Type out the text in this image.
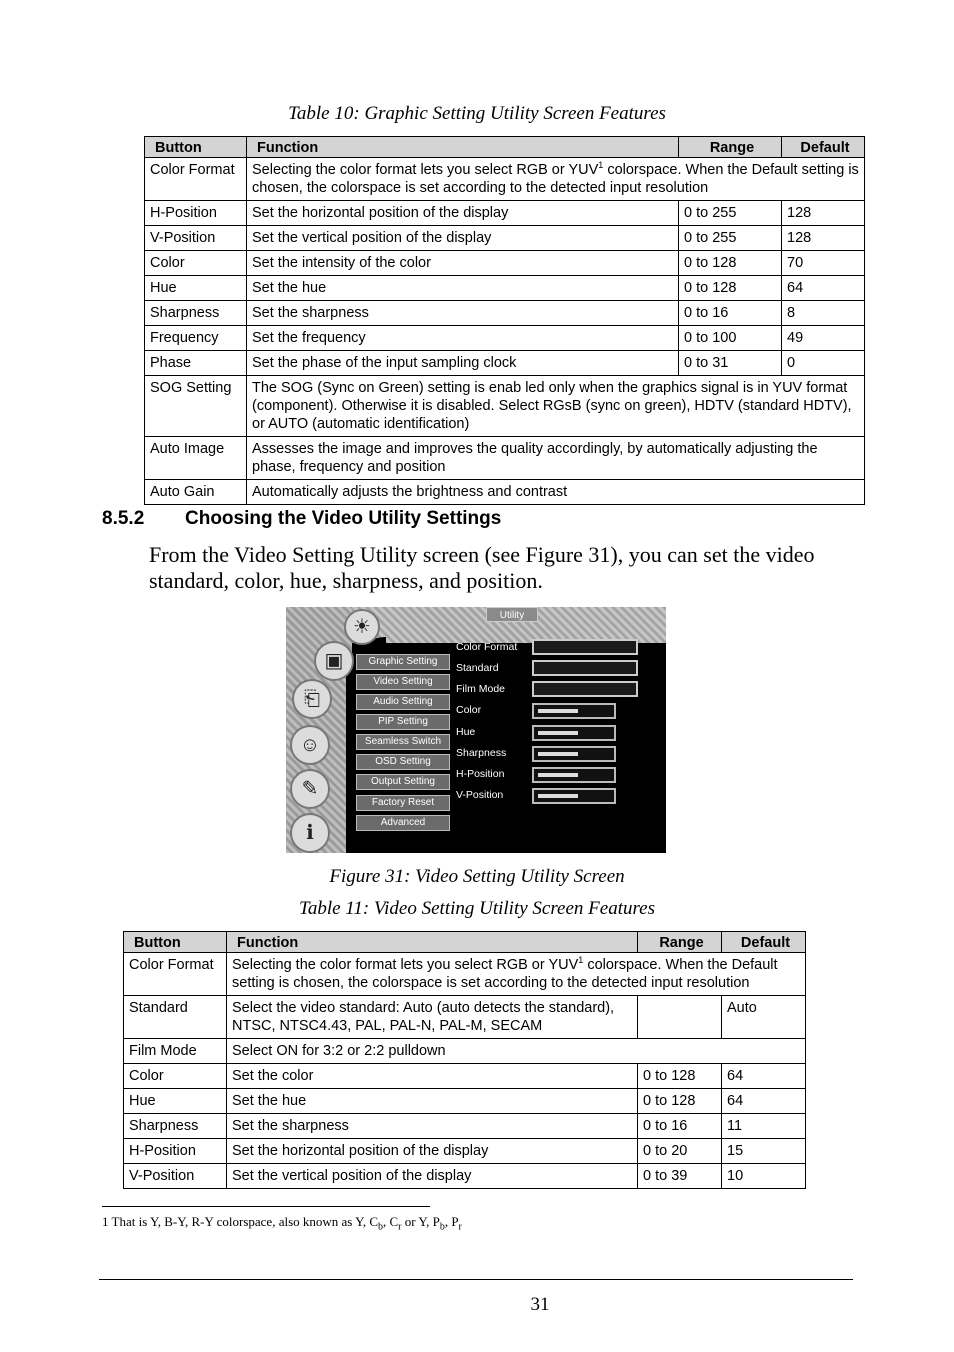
Table 10: Graphic Setting Utility Screen Features
Button	Function	Range	Default
Color Format	Selecting the color format lets you select RGB or YUV$^1$ colorspace. When the Default setting is chosen, the colorspace is set according to the detected input resolution		
H-Position	Set the horizontal position of the display	0 to 255	128
V-Position	Set the vertical position of the display	0 to 255	128
Color	Set the intensity of the color	0 to 128	70
Hue	Set the hue	0 to 128	64
Sharpness	Set the sharpness	0 to 16	8
Frequency	Set the frequency	0 to 100	49
Phase	Set the phase of the input sampling clock	0 to 31	0
SOG Setting	The SOG (Sync on Green) setting is enab led only when the graphics signal is in YUV format (component). Otherwise it is disabled. Select RGsB (sync on green), HDTV (standard HDTV), or AUTO (automatic identification)		
Auto Image	Assesses the image and improves the quality accordingly, by automatically adjusting the phase, frequency and position		
Auto Gain	Automatically adjusts the brightness and contrast		
8.5.2 Choosing the Video Utility Settings
From the Video Setting Utility screen (see Figure 31), you can set the video standard, color, hue, sharpness, and position.
☀
▣
⎗
☺
✎
ℹ
Utility
Graphic Setting
Video Setting
Audio Setting
PIP Setting
Seamless Switch
OSD Setting
Output Setting
Factory Reset
Advanced
Color Format
Standard
Film Mode
Color
Hue
Sharpness
H-Position
V-Position
Figure 31: Video Setting Utility Screen
Table 11: Video Setting Utility Screen Features
Button	Function	Range	Default
Color Format	Selecting the color format lets you select RGB or YUV$^1$ colorspace. When the Default setting is chosen, the colorspace is set according to the detected input resolution		
Standard	Select the video standard: Auto (auto detects the standard), NTSC, NTSC4.43, PAL, PAL-N, PAL-M, SECAM		Auto
Film Mode	Select ON for 3:2 or 2:2 pulldown		
Color	Set the color	0 to 128	64
Hue	Set the hue	0 to 128	64
Sharpness	Set the sharpness	0 to 16	11
H-Position	Set the horizontal position of the display	0 to 20	15
V-Position	Set the vertical position of the display	0 to 39	10
1 That is Y, B-Y, R-Y colorspace, also known as Y, $C_b$, $C_r$ or Y, $P_b$, $P_r$
31
